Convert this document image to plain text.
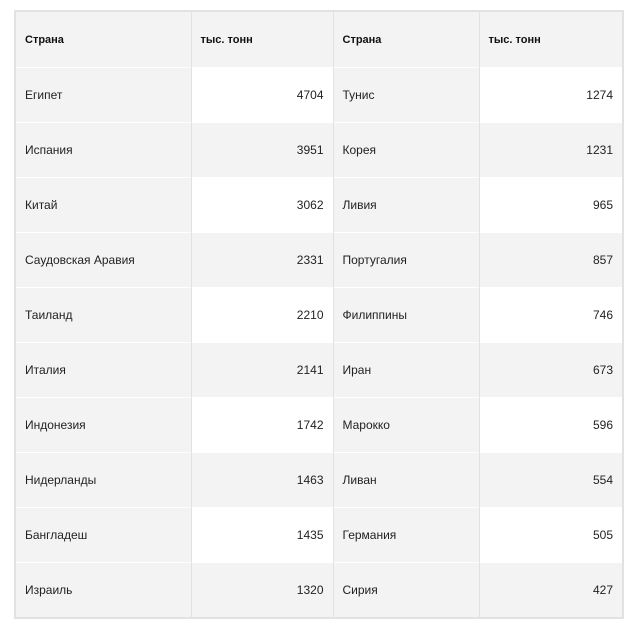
Страна	тыс. тонн	Страна	тыс. тонн
Египет	4704	Тунис	1274
Испания	3951	Корея	1231
Китай	3062	Ливия	965
Саудовская Аравия	2331	Португалия	857
Таиланд	2210	Филиппины	746
Италия	2141	Иран	673
Индонезия	1742	Марокко	596
Нидерланды	1463	Ливан	554
Бангладеш	1435	Германия	505
Израиль	1320	Сирия	427
